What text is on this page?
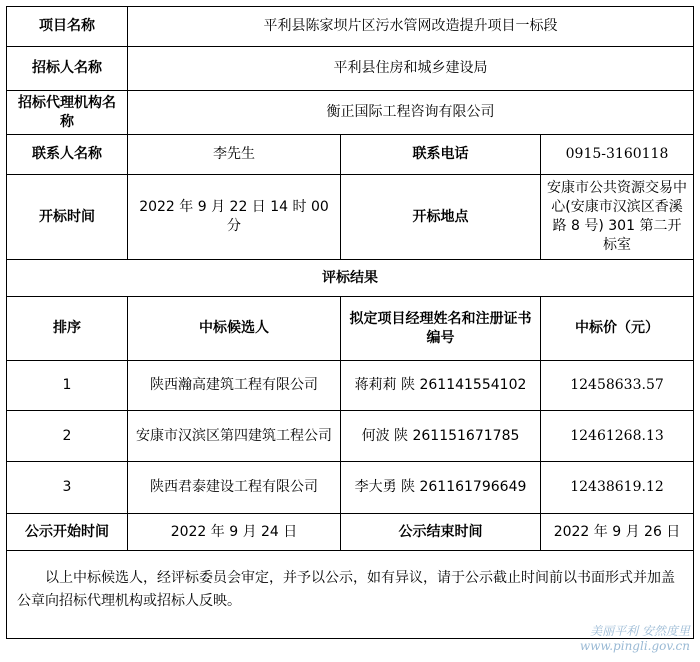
项目名称	平利县陈家坝片区污水管网改造提升项目一标段		
招标人名称	平利县住房和城乡建设局		
招标代理机构名称	衡正国际工程咨询有限公司		
联系人名称	李先生	联系电话	0915-3160118
开标时间	2022 年 9 月 22 日 14 时 00 分	开标地点	安康市公共资源交易中心(安康市汉滨区香溪路 8 号) 301 第二开标室
评标结果			
排序	中标候选人	拟定项目经理姓名和注册证书编号	中标价（元）
1	陕西瀚高建筑工程有限公司	蒋莉莉 陕 261141554102	12458633.57
2	安康市汉滨区第四建筑工程公司	何波 陕 261151671785	12461268.13
3	陕西君泰建设工程有限公司	李大勇 陕 261161796649	12438619.12
公示开始时间	2022 年 9 月 24 日	公示结束时间	2022 年 9 月 26 日
以上中标候选人，经评标委员会审定，并予以公示，如有异议，请于公示截止时间前以书面形式并加盖公章向招标代理机构或招标人反映。			
美丽平利 安然度里
www.pingli.gov.cn
